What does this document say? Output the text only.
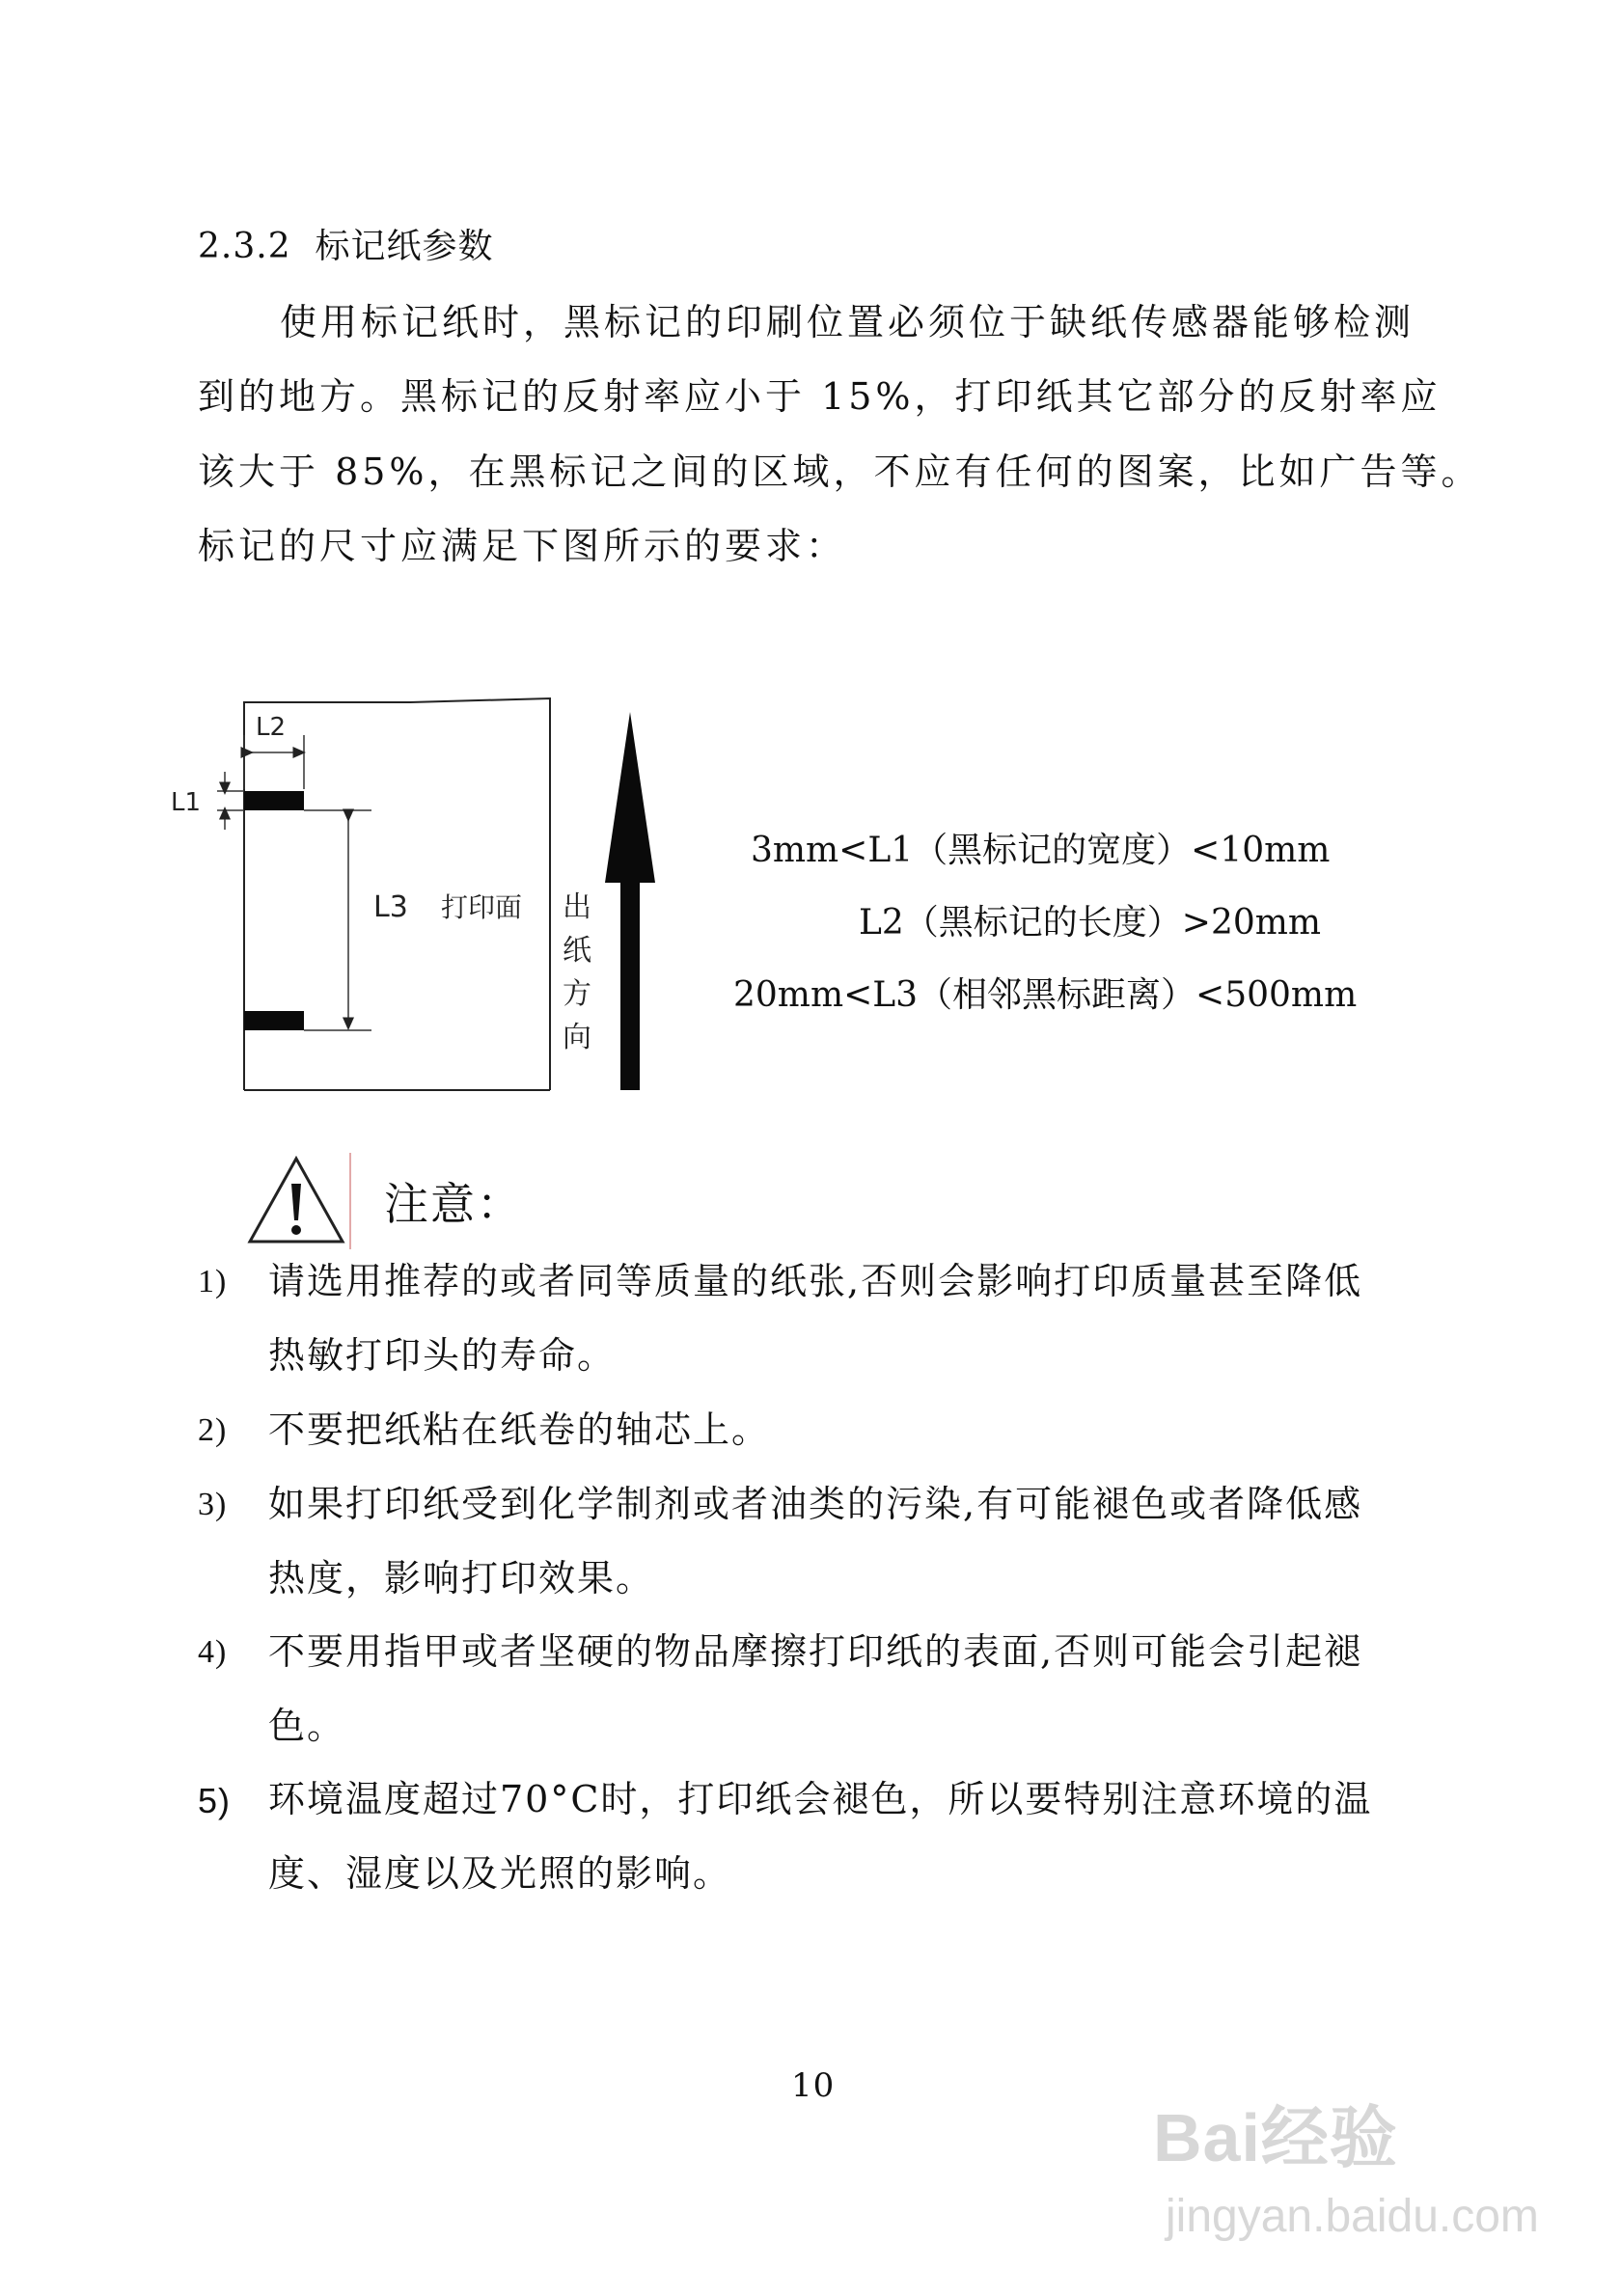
2.3.2 标记纸参数
使用标记纸时，黑标记的印刷位置必须位于缺纸传感器能够检测
到的地方。黑标记的反射率应小于 15%，打印纸其它部分的反射率应
该大于 85%，在黑标记之间的区域，不应有任何的图案，比如广告等。
标记的尺寸应满足下图所示的要求：
L2
L1
L3 打印面 出
纸
方
向
3mm<L1（黑标记的宽度）<10mm
L2（黑标记的长度）>20mm
20mm<L3（相邻黑标距离）<500mm
注意：
1) 请选用推荐的或者同等质量的纸张,否则会影响打印质量甚至降低
热敏打印头的寿命。
2) 不要把纸粘在纸卷的轴芯上。
3) 如果打印纸受到化学制剂或者油类的污染,有可能褪色或者降低感
热度，影响打印效果。
4) 不要用指甲或者坚硬的物品摩擦打印纸的表面,否则可能会引起褪
色。
5) 环境温度超过70°C时，打印纸会褪色，所以要特别注意环境的温
度、湿度以及光照的影响。
10
Bai经验
jingyan.baidu.com
